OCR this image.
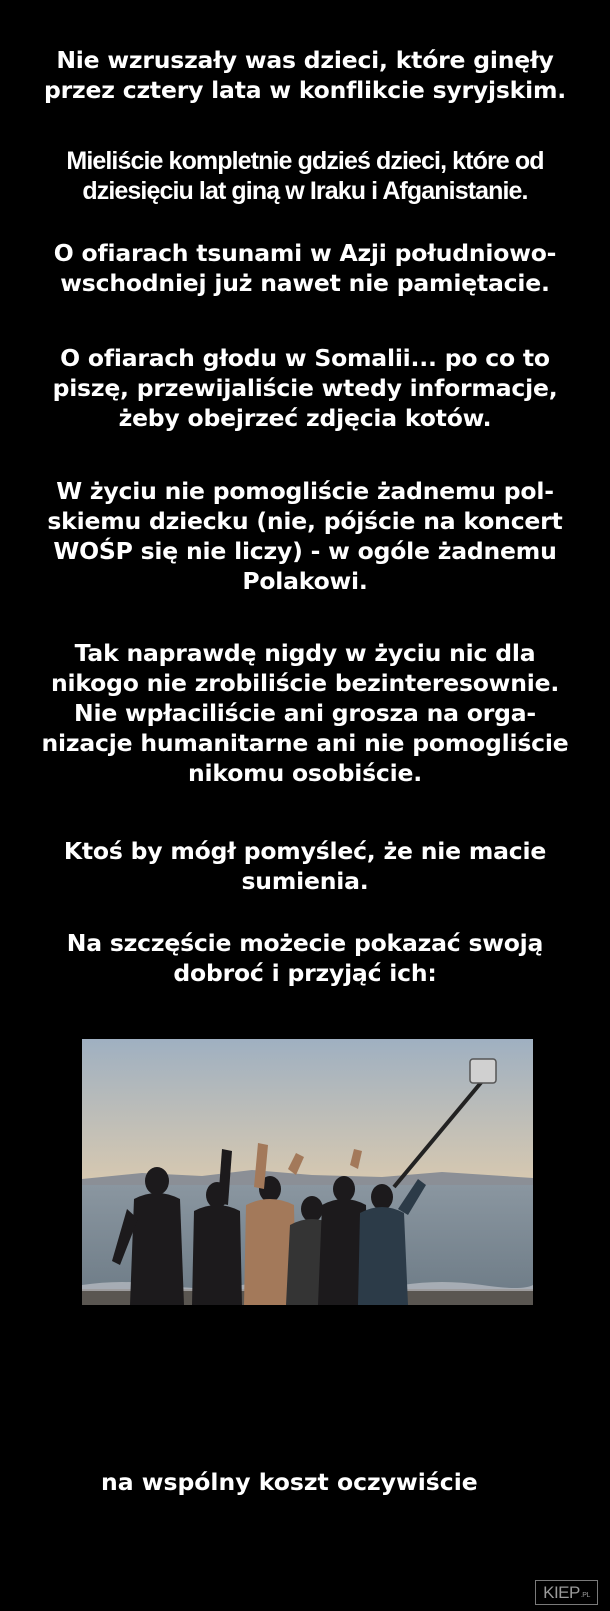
Nie wzruszały was dzieci, które ginęły
przez cztery lata w konflikcie syryjskim.
Mieliście kompletnie gdzieś dzieci, które od
dziesięciu lat giną w Iraku i Afganistanie.
O ofiarach tsunami w Azji południowo-
wschodniej już nawet nie pamiętacie.
O ofiarach głodu w Somalii... po co to
piszę, przewijaliście wtedy informacje,
żeby obejrzeć zdjęcia kotów.
W życiu nie pomogliście żadnemu pol-
skiemu dziecku (nie, pójście na koncert
WOŚP się nie liczy) - w ogóle żadnemu
Polakowi.
Tak naprawdę nigdy w życiu nic dla
nikogo nie zrobiliście bezinteresownie.
Nie wpłaciliście ani grosza na orga-
nizacje humanitarne ani nie pomogliście
nikomu osobiście.
Ktoś by mógł pomyśleć, że nie macie
sumienia.
Na szczęście możecie pokazać swoją
dobroć i przyjąć ich:
na wspólny koszt oczywiście
KIEP .PL
